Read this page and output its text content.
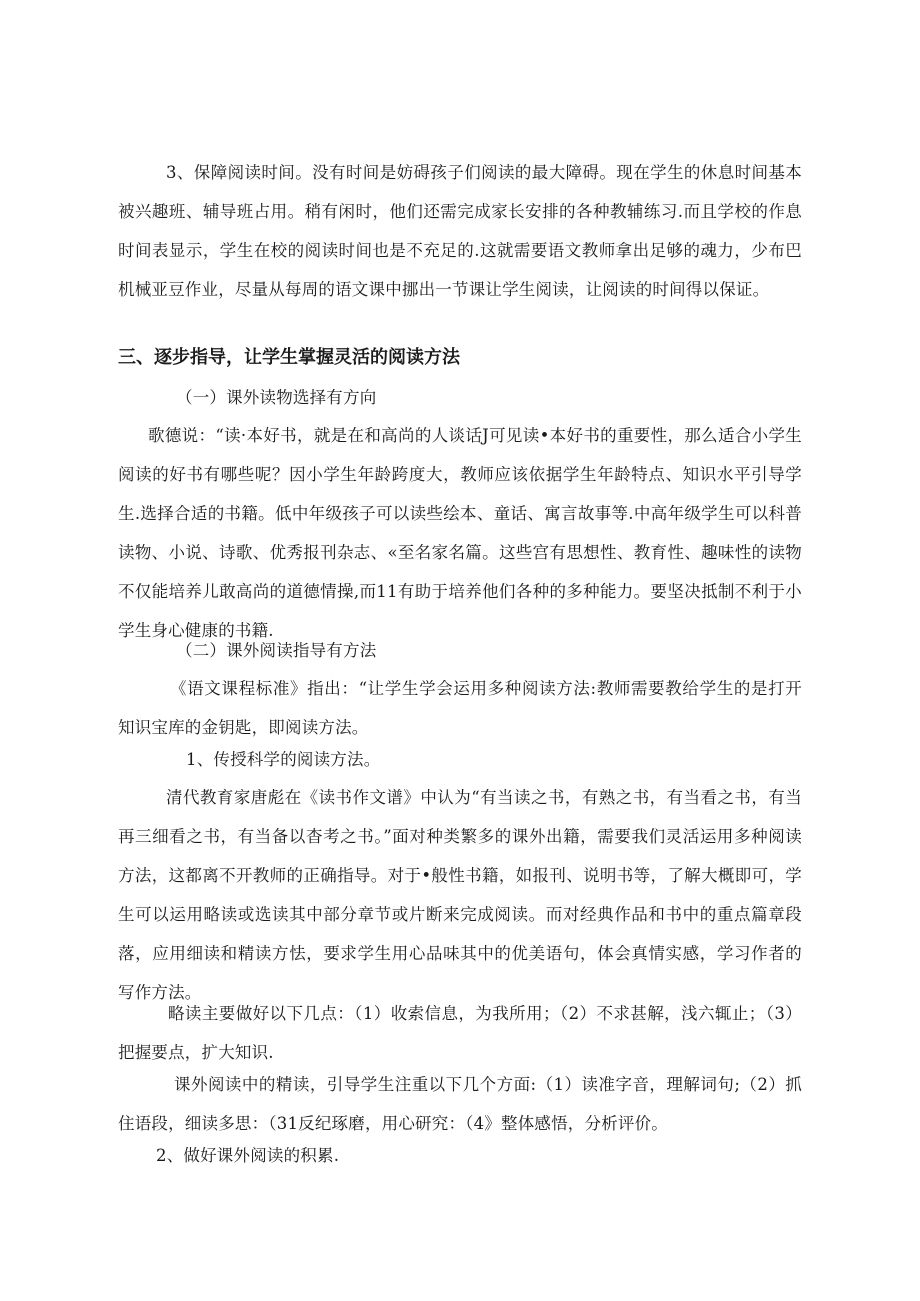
3、保障阅读时间。没有时间是妨碍孩子们阅读的最大障碍。现在学生的休息时间基本被兴趣班、辅导班占用。稍有闲时，他们还需完成家长安排的各种教辅练习.而且学校的作息时间表显示，学生在校的阅读时间也是不充足的.这就需要语文教师拿出足够的魂力，少布巴机械亚豆作业，尽量从每周的语文课中挪出一节课让学生阅读，让阅读的时间得以保证。

三、逐步指导，让学生掌握灵活的阅读方法

（一）课外读物选择有方向

歌德说：“读·本好书，就是在和高尚的人谈话J可见读•本好书的重要性，那么适合小学生阅读的好书有哪些呢？因小学生年龄跨度大，教师应该依据学生年龄特点、知识水平引导学生.选择合适的书籍。低中年级孩子可以读些绘本、童话、寓言故事等.中高年级学生可以科普读物、小说、诗歌、优秀报刊杂志、«至名家名篇。这些宫有思想性、教育性、趣味性的读物不仅能培养儿敢高尚的道德情操,而11有助于培养他们各种的多种能力。要坚决抵制不利于小学生身心健康的书籍.

（二）课外阅读指导有方法

《语文课程标准》指出：“让学生学会运用多种阅读方法:教师需要教给学生的是打开知识宝库的金钥匙，即阅读方法。

1、传授科学的阅读方法。

清代教育家唐彪在《读书作文谱》中认为“有当读之书，有熟之书，有当看之书，有当再三细看之书，有当备以杳考之书。”面对种类繁多的课外出籍，需要我们灵活运用多种阅读方法，这都离不开教师的正确指导。对于•般性书籍，如报刊、说明书等，了解大概即可，学生可以运用略读或选读其中部分章节或片断来完成阅读。而对经典作品和书中的重点篇章段落，应用细读和精读方怯，要求学生用心品味其中的优美语句，体会真情实感，学习作者的写作方法。

略读主要做好以下几点：（1）收索信息，为我所用；（2）不求甚解，浅六辄止；（3）把握要点，扩大知识.

课外阅读中的精读，引导学生注重以下几个方面:（1）读准字音，理解词句;（2）抓住语段，细读多思：（31反纪琢磨，用心研究：（4》整体感悟，分析评价。

2、做好课外阅读的积累.
